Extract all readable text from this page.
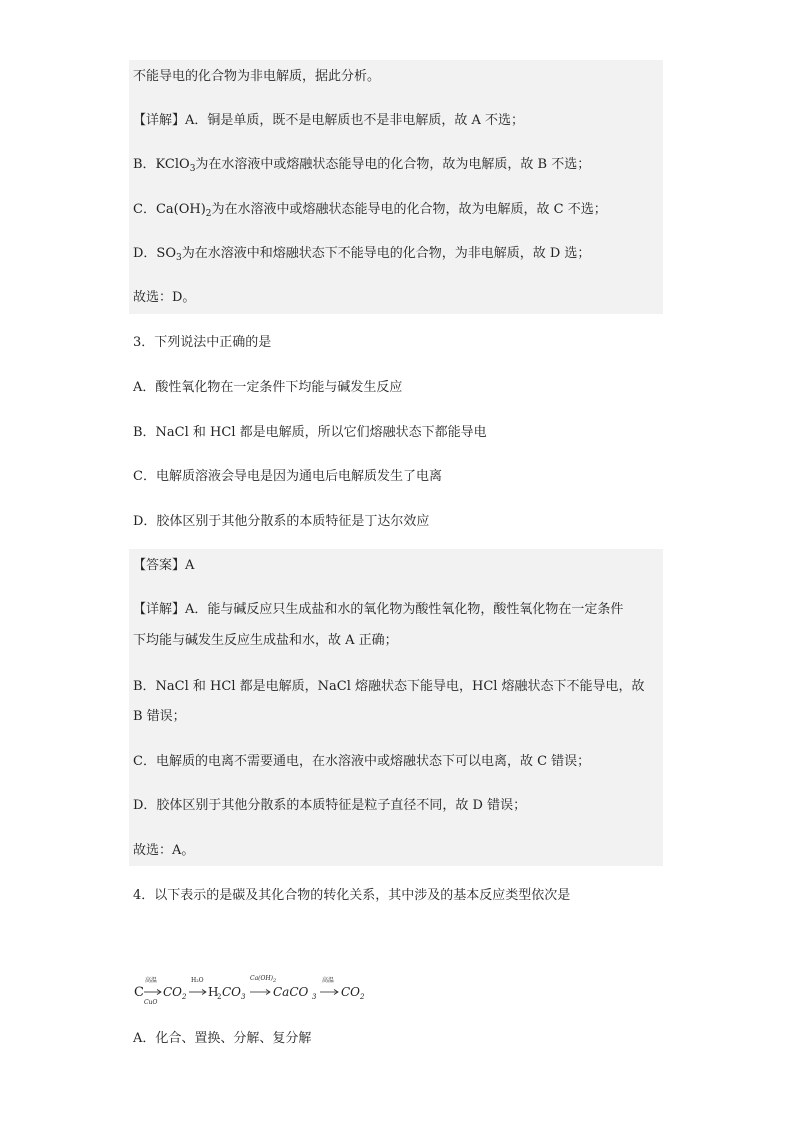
不能导电的化合物为非电解质，据此分析。
【详解】A．铜是单质，既不是电解质也不是非电解质，故 A 不选；
B．KClO$_3$为在水溶液中或熔融状态能导电的化合物，故为电解质，故 B 不选；
C．$Ca(OH)_2$为在水溶液中或熔融状态能导电的化合物，故为电解质，故 C 不选；
D．$SO_3$为在水溶液中和熔融状态下不能导电的化合物，为非电解质，故 D 选；
故选：D。
3．下列说法中正确的是
A．酸性氧化物在一定条件下均能与碱发生反应
B．NaCl 和 HCl 都是电解质，所以它们熔融状态下都能导电
C．电解质溶液会导电是因为通电后电解质发生了电离
D．胶体区别于其他分散系的本质特征是丁达尔效应
【答案】A
【详解】A．能与碱反应只生成盐和水的氧化物为酸性氧化物，酸性氧化物在一定条件
下均能与碱发生反应生成盐和水，故 A 正确；
B．NaCl 和 HCl 都是电解质，NaCl 熔融状态下能导电，HCl 熔融状态下不能导电，故
B 错误；
C．电解质的电离不需要通电，在水溶液中或熔融状态下可以电离，故 C 错误；
D．胶体区别于其他分散系的本质特征是粒子直径不同，故 D 错误；
故选：A。
4．以下表示的是碳及其化合物的转化关系，其中涉及的基本反应类型依次是
C
高温
CuO
CO 2
H₂O
H
2 CO 3
Ca(OH) 2
CaCO 3
高温
CO 2
A．化合、置换、分解、复分解
